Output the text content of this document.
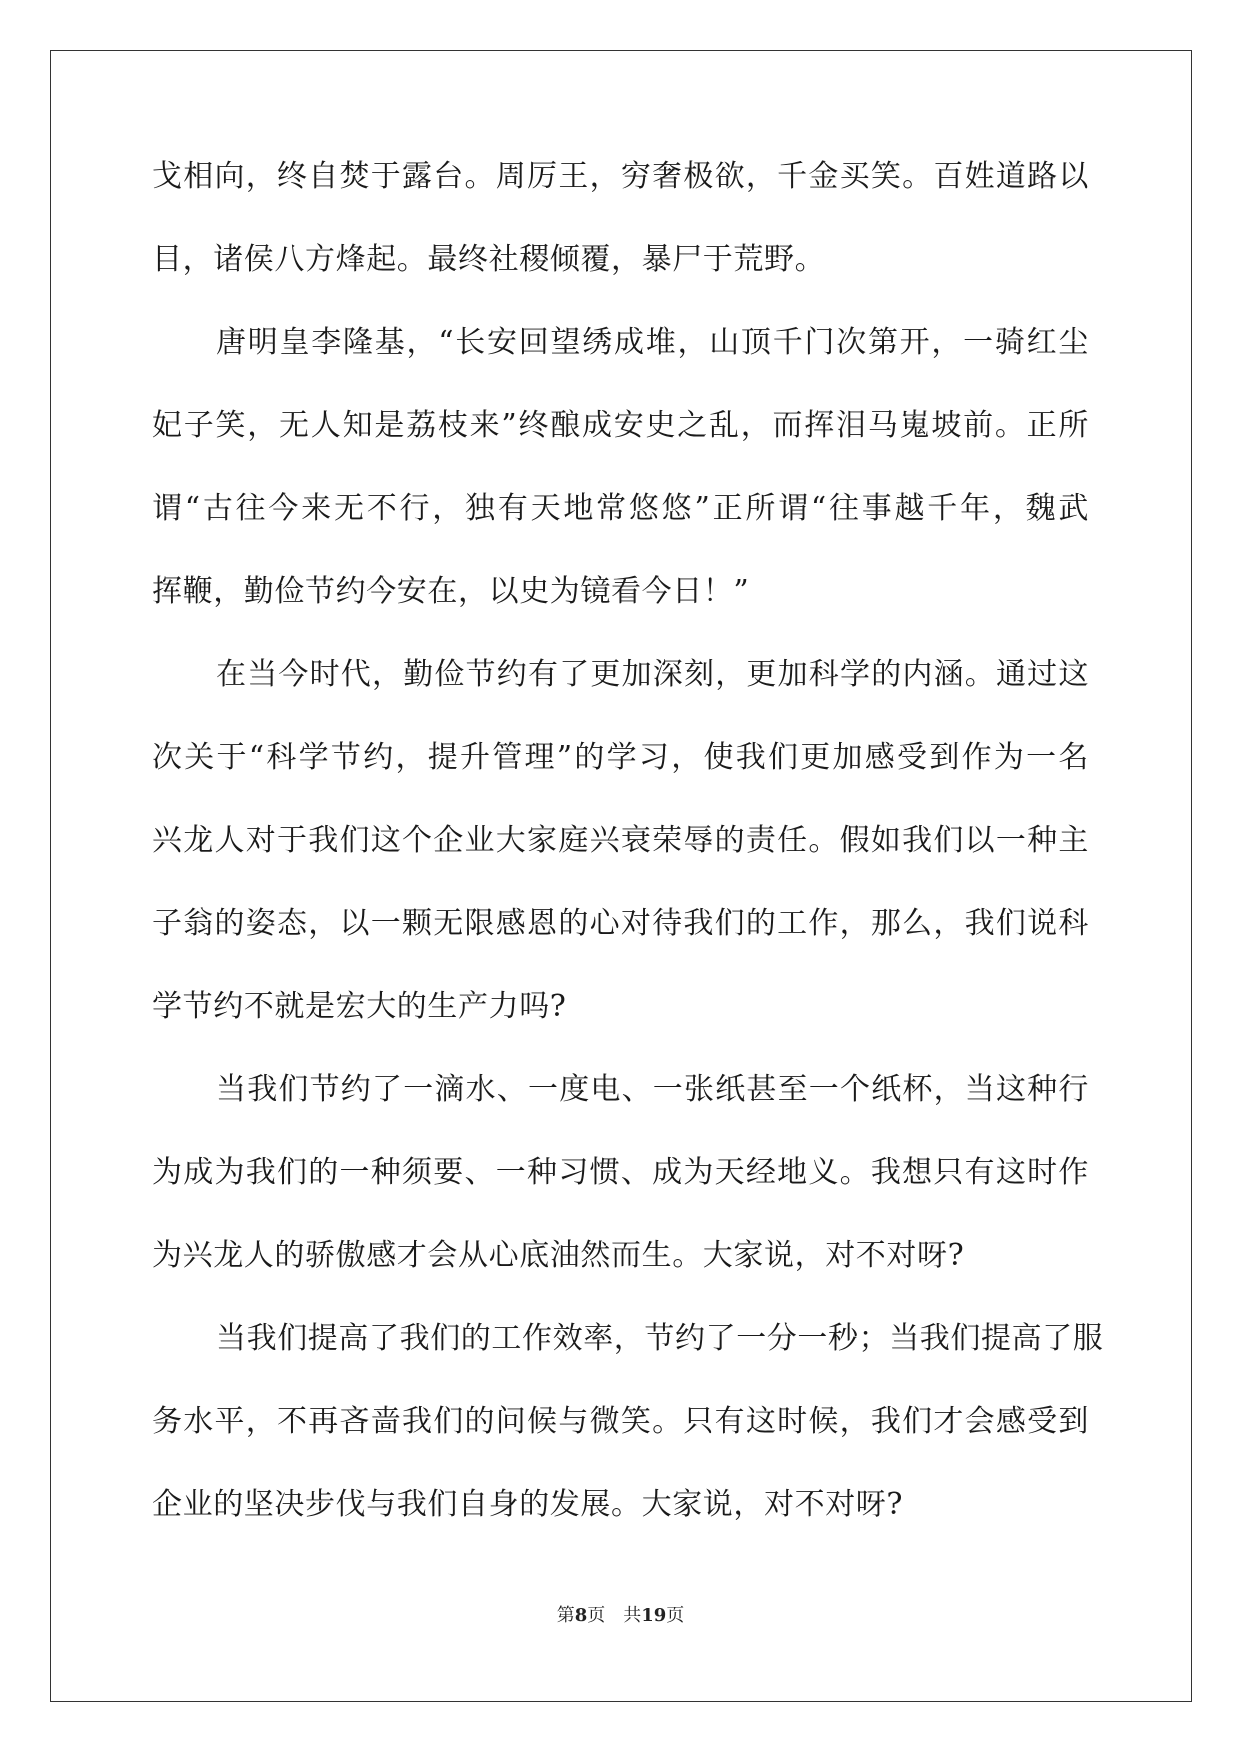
戈相向，终自焚于露台。周厉王，穷奢极欲，千金买笑。百姓道路以
目，诸侯八方烽起。最终社稷倾覆，暴尸于荒野。
唐明皇李隆基，“长安回望绣成堆，山顶千门次第开，一骑红尘
妃子笑，无人知是荔枝来”终酿成安史之乱，而挥泪马嵬坡前。正所
谓“古往今来无不行，独有天地常悠悠”正所谓“往事越千年，魏武
挥鞭，勤俭节约今安在，以史为镜看今日！”
在当今时代，勤俭节约有了更加深刻，更加科学的内涵。通过这
次关于“科学节约，提升管理”的学习，使我们更加感受到作为一名
兴龙人对于我们这个企业大家庭兴衰荣辱的责任。假如我们以一种主
子翁的姿态，以一颗无限感恩的心对待我们的工作，那么，我们说科
学节约不就是宏大的生产力吗?
当我们节约了一滴水、一度电、一张纸甚至一个纸杯，当这种行
为成为我们的一种须要、一种习惯、成为天经地义。我想只有这时作
为兴龙人的骄傲感才会从心底油然而生。大家说，对不对呀?
当我们提高了我们的工作效率，节约了一分一秒；当我们提高了服
务水平，不再吝啬我们的问候与微笑。只有这时候，我们才会感受到
企业的坚决步伐与我们自身的发展。大家说，对不对呀?
第8页 共19页
